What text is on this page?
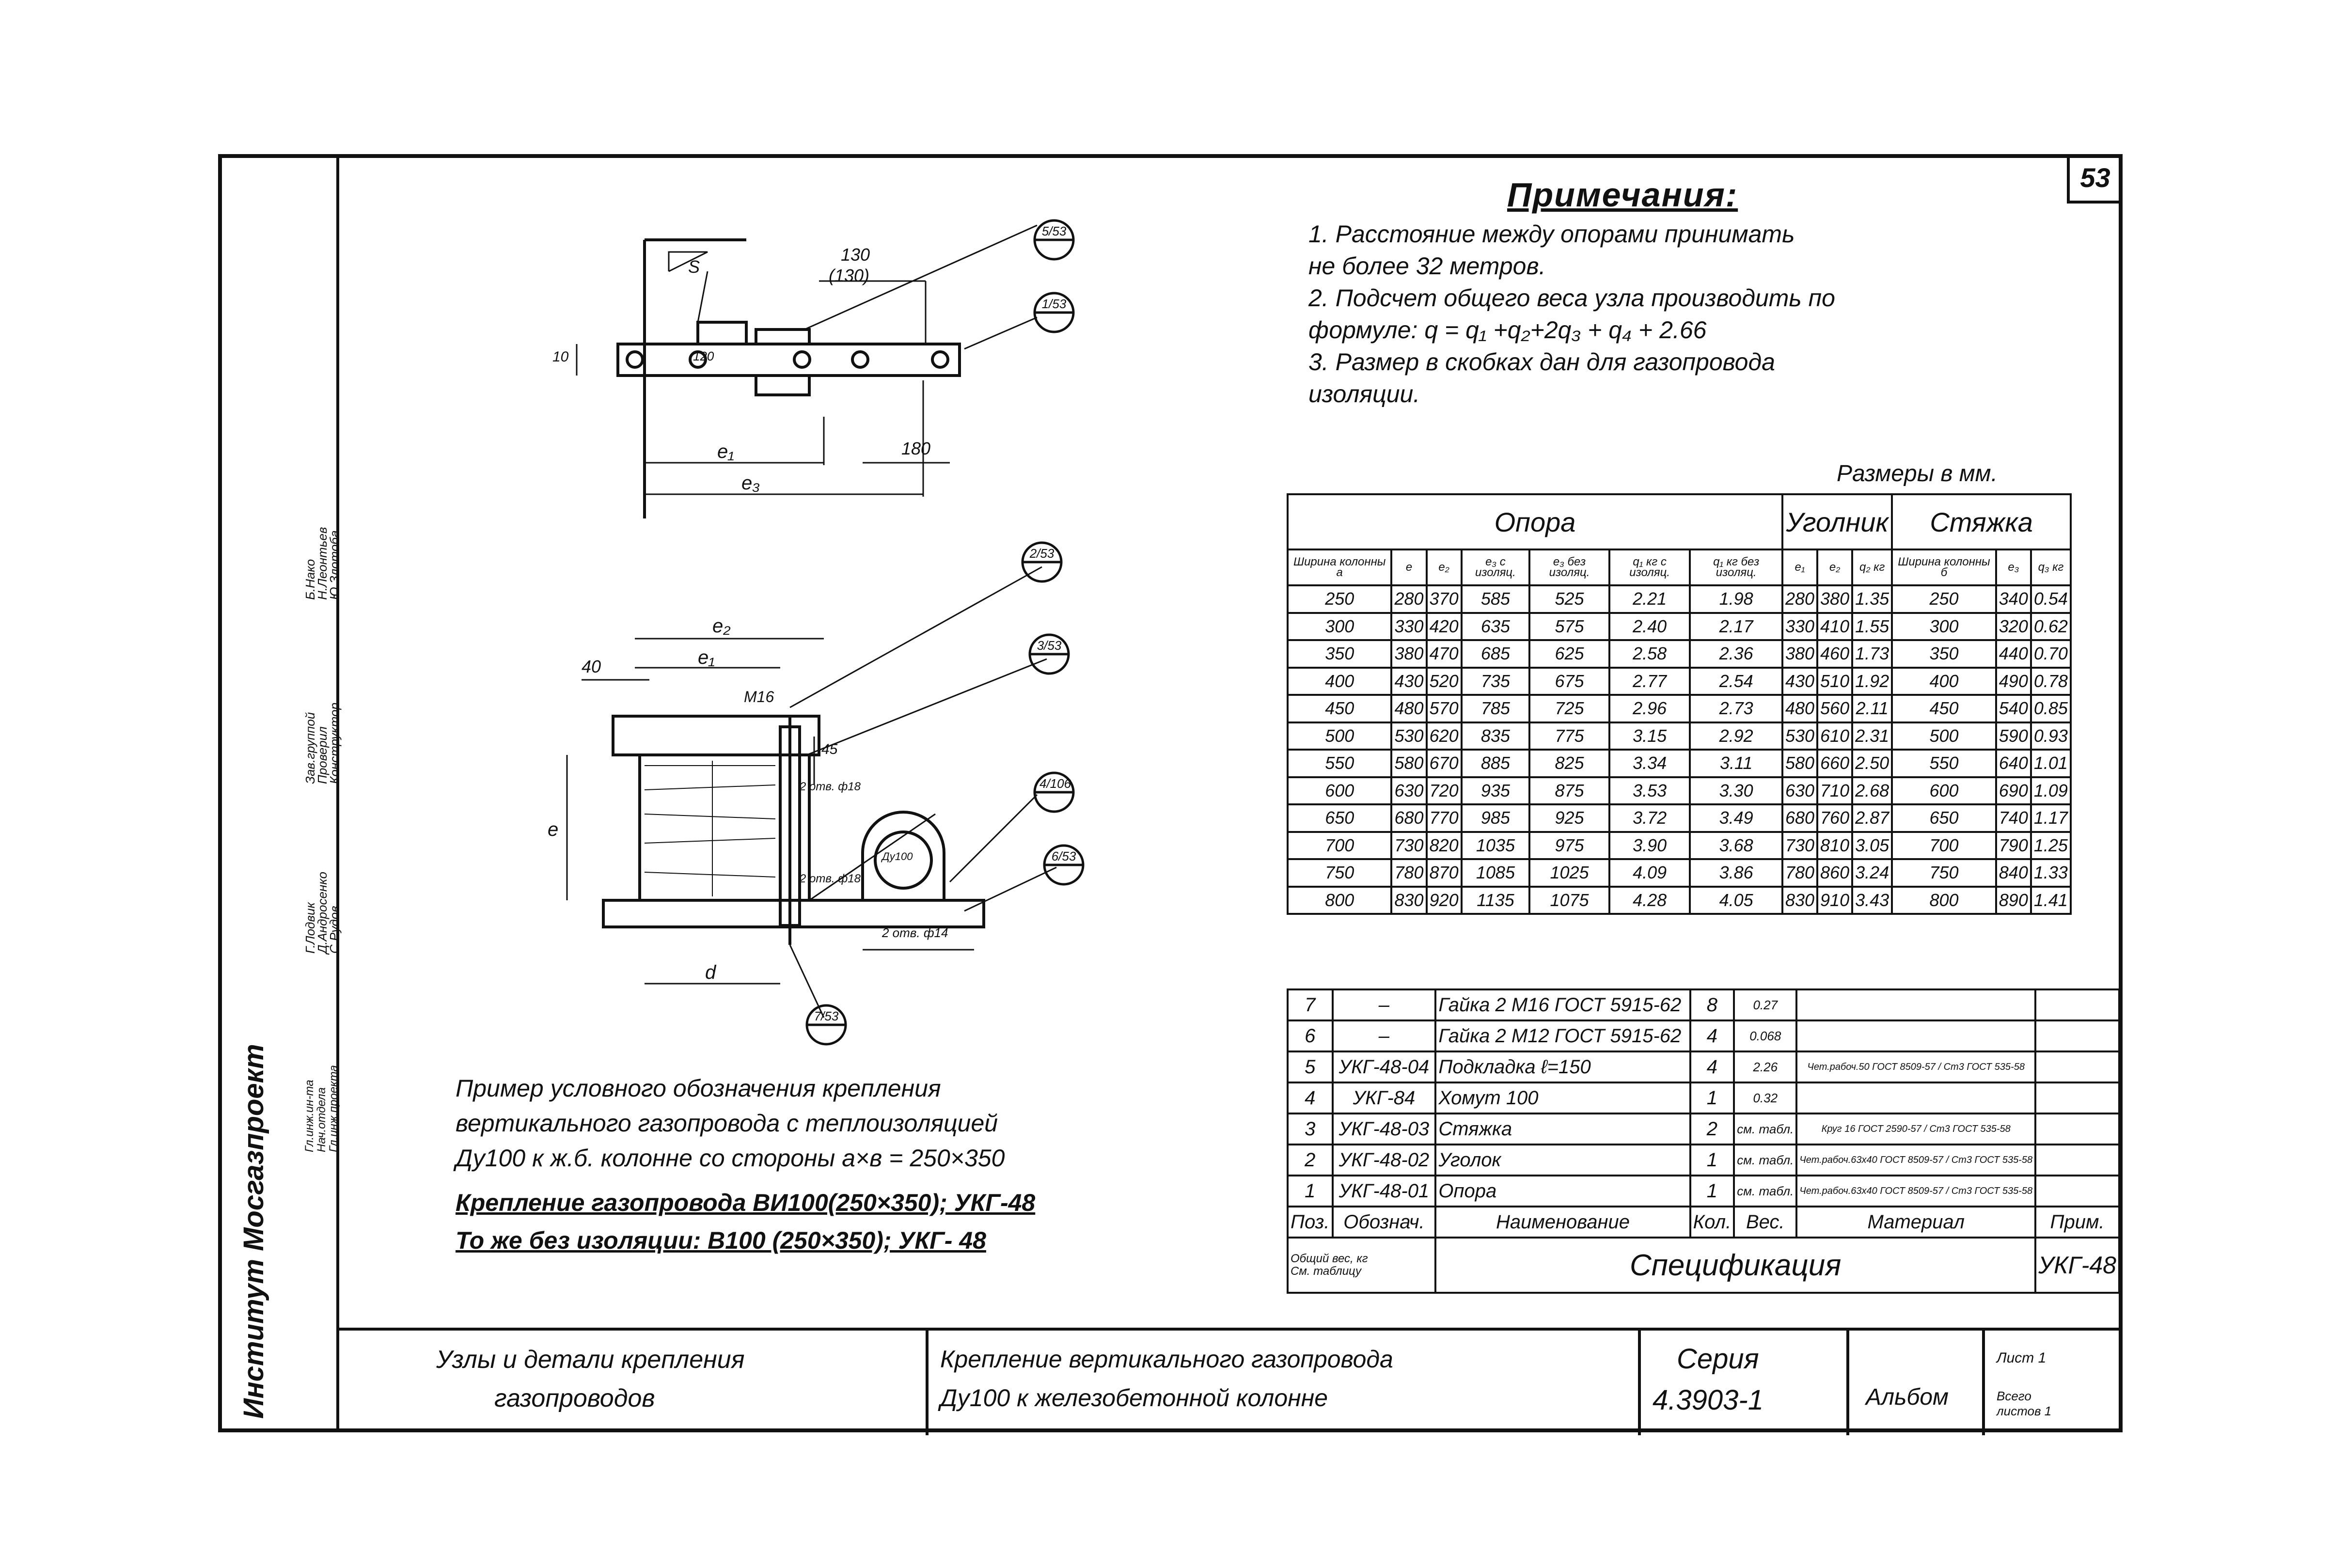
Институт Мосгазпроект	Гл.инж.ин-та
Нач.отдела
Гл.инж.проекта
Г.Лодвик
Д.Андросенко
С.Рудов
Зав.группой
Проверил
Конструктор
Б.Нако
Н.Леонтьев
Ю.Злотоба
53
Примечания:
1. Расстояние между опорами принимать
не более 32 метров.
2. Подсчет общего веса узла производить по
формуле: q = q₁ +q₂+2q₃ + q₄ + 2.66
3. Размер в скобках дан для газопровода
изоляции.
Размеры в мм.
Опора							Уголник			Стяжка		
Ширина колонны а	e	e₂	e₃ с изоляц.	e₃ без изоляц.	q₁ кг с изоляц.	q₁ кг без изоляц.	e₁	e₂	q₂ кг	Ширина колонны б	e₃	q₃ кг
250	280	370	585	525	2.21	1.98	280	380	1.35	250	340	0.54
300	330	420	635	575	2.40	2.17	330	410	1.55	300	320	0.62
350	380	470	685	625	2.58	2.36	380	460	1.73	350	440	0.70
400	430	520	735	675	2.77	2.54	430	510	1.92	400	490	0.78
450	480	570	785	725	2.96	2.73	480	560	2.11	450	540	0.85
500	530	620	835	775	3.15	2.92	530	610	2.31	500	590	0.93
550	580	670	885	825	3.34	3.11	580	660	2.50	550	640	1.01
600	630	720	935	875	3.53	3.30	630	710	2.68	600	690	1.09
650	680	770	985	925	3.72	3.49	680	760	2.87	650	740	1.17
700	730	820	1035	975	3.90	3.68	730	810	3.05	700	790	1.25
750	780	870	1085	1025	4.09	3.86	780	860	3.24	750	840	1.33
800	830	920	1135	1075	4.28	4.05	830	910	3.43	800	890	1.41
7	–	Гайка 2 М16 ГОСТ 5915-62	8	0.27		
6	–	Гайка 2 М12 ГОСТ 5915-62	4	0.068		
5	УКГ-48-04	Подкладка ℓ=150	4	2.26	Чет.рабоч.50 ГОСТ 8509-57 / Ст3 ГОСТ 535-58	
4	УКГ-84	Хомут 100	1	0.32		
3	УКГ-48-03	Стяжка	2	см. табл.	Круг 16 ГОСТ 2590-57 / Ст3 ГОСТ 535-58	
2	УКГ-48-02	Уголок	1	см. табл.	Чет.рабоч.63х40 ГОСТ 8509-57 / Ст3 ГОСТ 535-58	
1	УКГ-48-01	Опора	1	см. табл.	Чет.рабоч.63х40 ГОСТ 8509-57 / Ст3 ГОСТ 535-58	
Поз.	Обознач.	Наименование	Кол.	Вес.	Материал	Прим.

Общий вес, кг
См. таблицу		Спецификация				УКГ-48
Пример условного обозначения крепления
вертикального газопровода с теплоизоляцией
Ду100 к ж.б. колонне со стороны а×в = 250×350
Крепление газопровода ВИ100(250×350); УКГ-48
То же без изоляции: В100 (250×350); УКГ- 48
5/53
1/53
2/53
3/53
4/106
6/53
7/53
130
(130)
S
10	120
e₁
e₃
180
e₂
40	e₁
М16
45
2 отв. ф18
e
2 отв. ф18
d
2 отв. ф14
Ду100
Узлы и детали крепления
газопроводов
Крепление вертикального газопровода
Ду100 к железобетонной колонне
Серия
4.3903-1	Альбом
Лист 1
Всего листов 1
